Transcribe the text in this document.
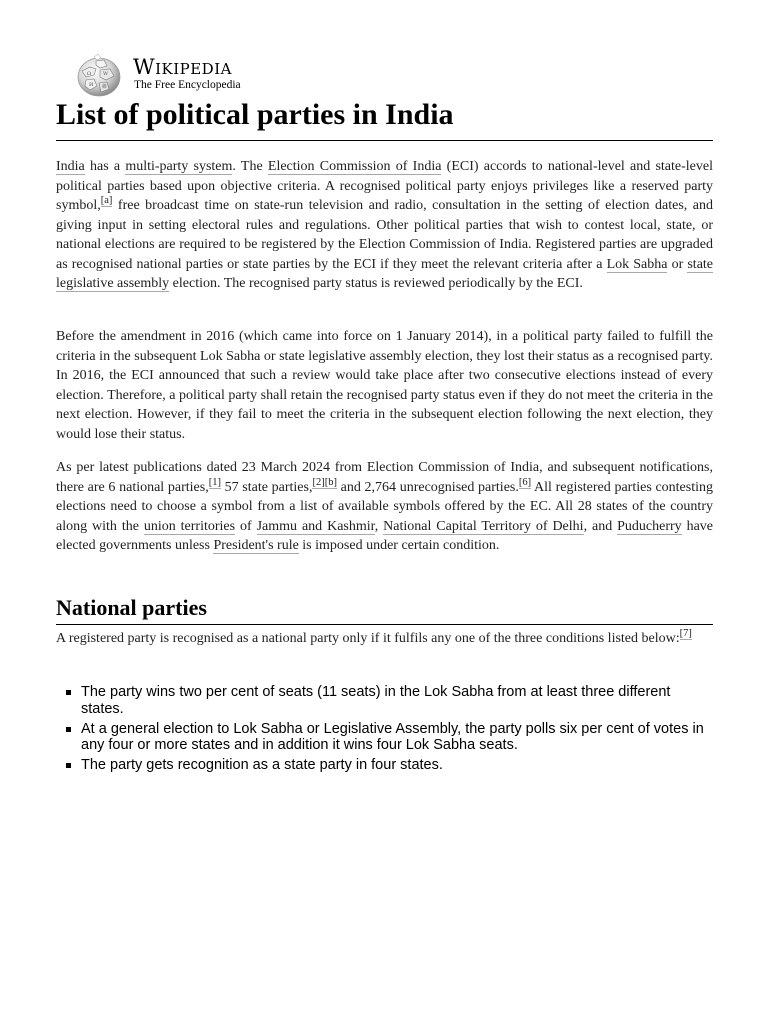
Ω W
И 維
Wikipedia
The Free Encyclopedia
List of political parties in India

India has a multi-party system. The Election Commission of India (ECI) accords to national-level and state-level political parties based upon objective criteria. A recognised political party enjoys privileges like a reserved party symbol,[a] free broadcast time on state-run television and radio, consultation in the setting of election dates, and giving input in setting electoral rules and regulations. Other political parties that wish to contest local, state, or national elections are required to be registered by the Election Commission of India. Registered parties are upgraded as recognised national parties or state parties by the ECI if they meet the relevant criteria after a Lok Sabha or state legislative assembly election. The recognised party status is reviewed periodically by the ECI.

Before the amendment in 2016 (which came into force on 1 January 2014), in a political party failed to fulfill the criteria in the subsequent Lok Sabha or state legislative assembly election, they lost their status as a recognised party. In 2016, the ECI announced that such a review would take place after two consecutive elections instead of every election. Therefore, a political party shall retain the recognised party status even if they do not meet the criteria in the next election. However, if they fail to meet the criteria in the subsequent election following the next election, they would lose their status.

As per latest publications dated 23 March 2024 from Election Commission of India, and subsequent notifications, there are 6 national parties,[1] 57 state parties,[2][b] and 2,764 unrecognised parties.[6] All registered parties contesting elections need to choose a symbol from a list of available symbols offered by the EC. All 28 states of the country along with the union territories of Jammu and Kashmir, National Capital Territory of Delhi, and Puducherry have elected governments unless President's rule is imposed under certain condition.

National parties

A registered party is recognised as a national party only if it fulfils any one of the three conditions listed below:[7]

The party wins two per cent of seats (11 seats) in the Lok Sabha from at least three different states.
At a general election to Lok Sabha or Legislative Assembly, the party polls six per cent of votes in any four or more states and in addition it wins four Lok Sabha seats.
The party gets recognition as a state party in four states.
